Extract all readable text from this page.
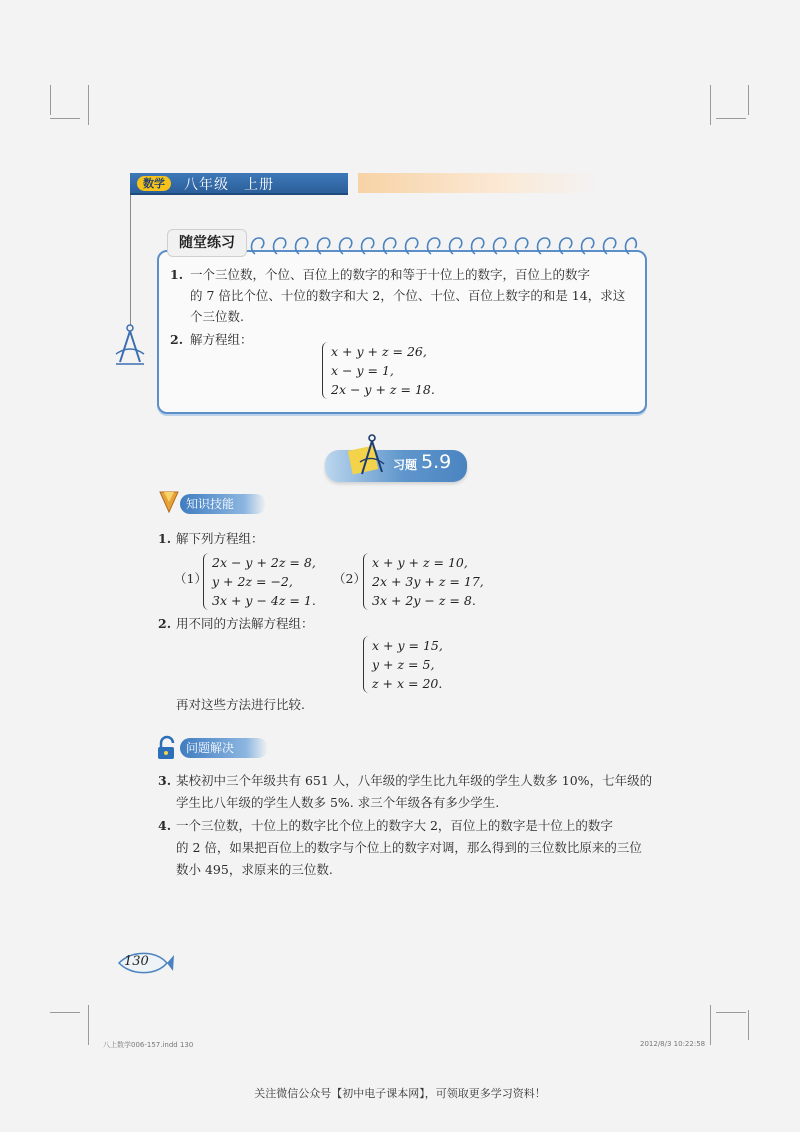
数学	八年级　上册
随堂练习
1. 一个三位数，个位、百位上的数字的和等于十位上的数字，百位上的数字
的 7 倍比个位、十位的数字和大 2，个位、十位、百位上数字的和是 14，求这
个三位数.
2. 解方程组：
x + y + z = 26,
x − y = 1,
2x − y + z = 18.
习题 5.9
知识技能
1. 解下列方程组：
（1）
2x − y + 2z = 8,
y + 2z = −2,
3x + y − 4z = 1.
（2）
x + y + z = 10,
2x + 3y + z = 17,
3x + 2y − z = 8.
2. 用不同的方法解方程组：
x + y = 15,
y + z = 5,
z + x = 20.
再对这些方法进行比较.
问题解决
3. 某校初中三个年级共有 651 人，八年级的学生比九年级的学生人数多 10%，七年级的
学生比八年级的学生人数多 5%. 求三个年级各有多少学生.
4. 一个三位数，十位上的数字比个位上的数字大 2，百位上的数字是十位上的数字
的 2 倍，如果把百位上的数字与个位上的数字对调，那么得到的三位数比原来的三位
数小 495，求原来的三位数.
130
八上数学006-157.indd 130	2012/8/3 10:22:58
关注微信公众号【初中电子课本网】，可领取更多学习资料！
